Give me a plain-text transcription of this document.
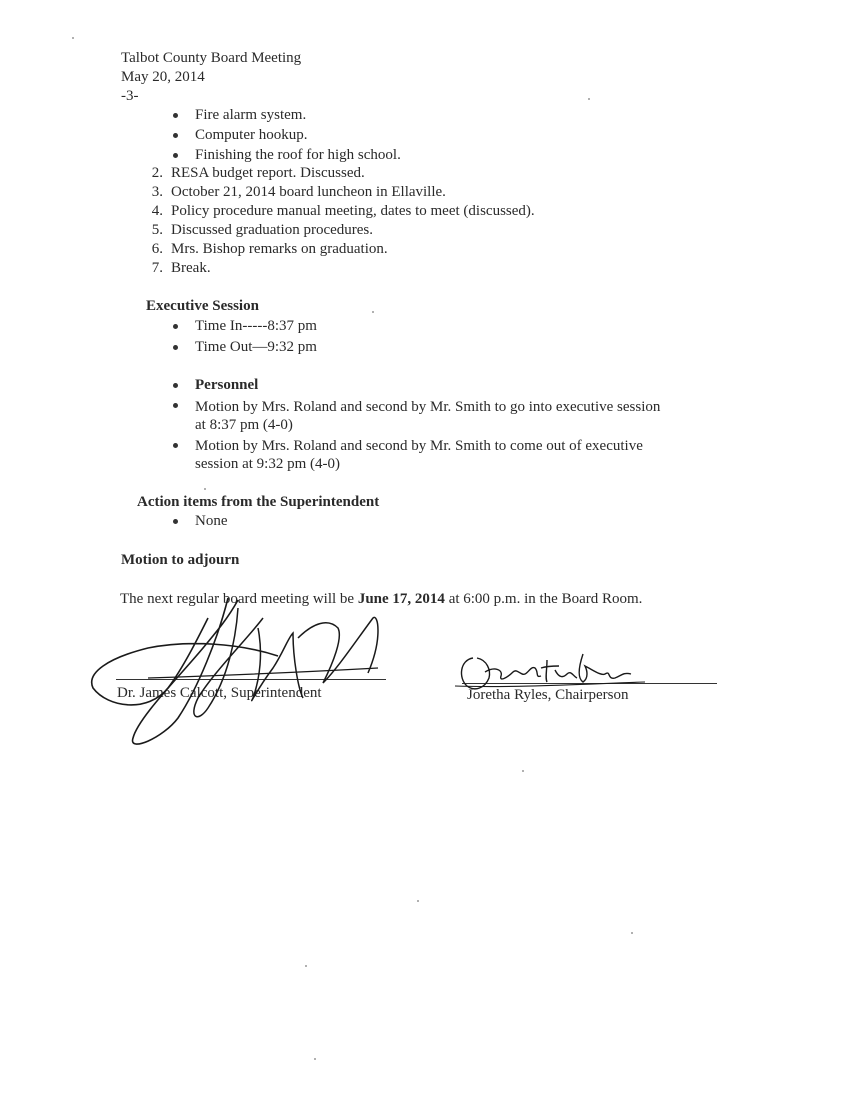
Talbot County Board Meeting
May 20, 2014
-3-
Fire alarm system.
Computer hookup.
Finishing the roof for high school.
2. RESA budget report. Discussed.
3. October 21, 2014 board luncheon in Ellaville.
4. Policy procedure manual meeting, dates to meet (discussed).
5. Discussed graduation procedures.
6. Mrs. Bishop remarks on graduation.
7. Break.
Executive Session
Time In-----8:37 pm
Time Out—9:32 pm
Personnel
Motion by Mrs. Roland and second by Mr. Smith to go into executive session
at 8:37 pm (4-0)
Motion by Mrs. Roland and second by Mr. Smith to come out of executive
session at 9:32 pm (4-0)
Action items from the Superintendent
None
Motion to adjourn
The next regular board meeting will be June 17, 2014 at 6:00 p.m. in the Board Room.
Dr. James Calcott, Superintendent	Joretha Ryles, Chairperson
